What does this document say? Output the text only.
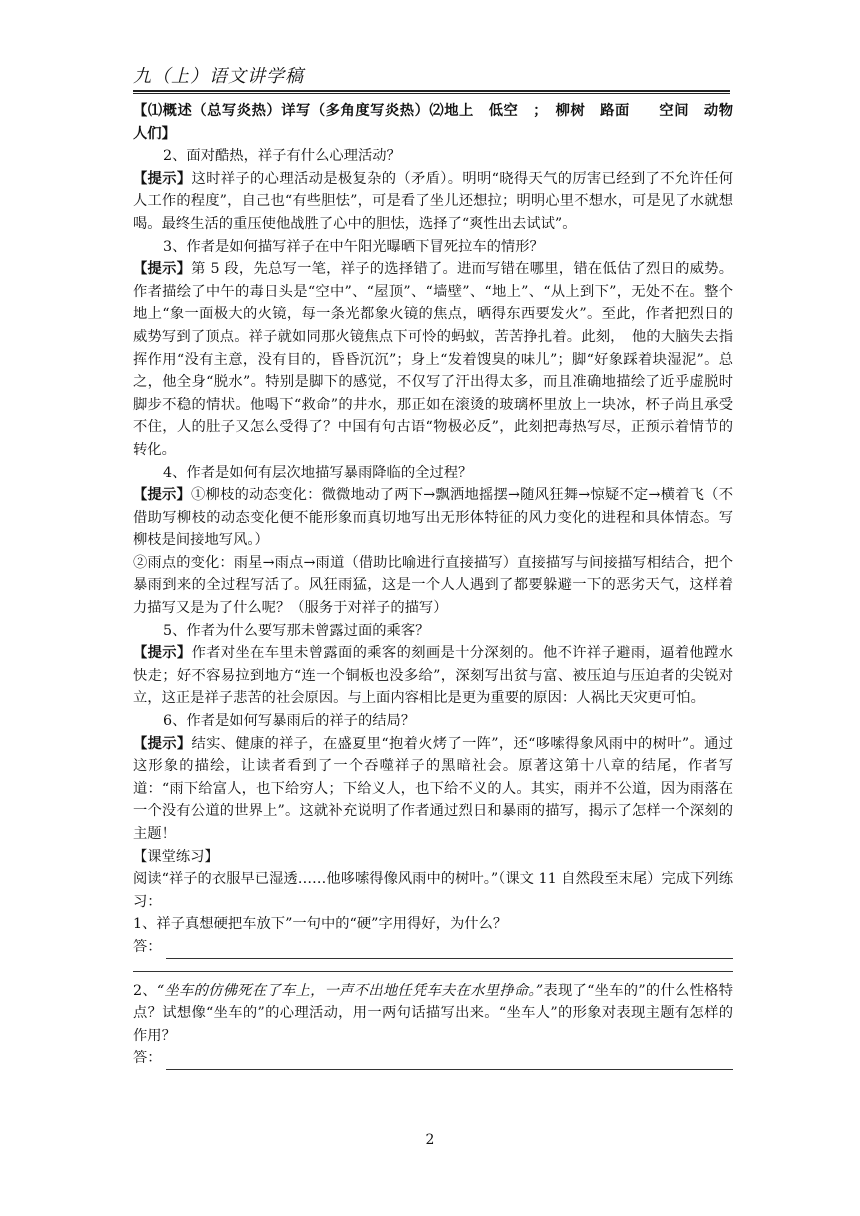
九（上）语文讲学稿

【⑴概述（总写炎热）详写（多角度写炎热）⑵地上　低空　；　柳树　路面　　空间　动物　人们】

2、面对酷热，祥子有什么心理活动？

【提示】这时祥子的心理活动是极复杂的（矛盾）。明明“晓得天气的厉害已经到了不允许任何人工作的程度”，自己也“有些胆怯”，可是看了坐儿还想拉；明明心里不想水，可是见了水就想喝。最终生活的重压使他战胜了心中的胆怯，选择了“爽性出去试试”。

3、作者是如何描写祥子在中午阳光曝晒下冒死拉车的情形？

【提示】第 5 段，先总写一笔，祥子的选择错了。进而写错在哪里，错在低估了烈日的威势。作者描绘了中午的毒日头是“空中”、“屋顶”、“墙壁”、“地上”、“从上到下”，无处不在。整个地上“象一面极大的火镜，每一条光都象火镜的焦点，晒得东西要发火”。至此，作者把烈日的威势写到了顶点。祥子就如同那火镜焦点下可怜的蚂蚁，苦苦挣扎着。此刻，　他的大脑失去指挥作用“没有主意，没有目的，昏昏沉沉”；身上“发着馊臭的味儿”；脚“好象踩着块湿泥”。总之，他全身“脱水”。特别是脚下的感觉，不仅写了汗出得太多，而且准确地描绘了近乎虚脱时脚步不稳的情状。他喝下“救命”的井水，那正如在滚烫的玻璃杯里放上一块冰，杯子尚且承受不住，人的肚子又怎么受得了？中国有句古语“物极必反”，此刻把毒热写尽，正预示着情节的转化。

4、作者是如何有层次地描写暴雨降临的全过程？

【提示】①柳枝的动态变化：微微地动了两下→飘洒地摇摆→随风狂舞→惊疑不定→横着飞（不借助写柳枝的动态变化便不能形象而真切地写出无形体特征的风力变化的进程和具体情态。写柳枝是间接地写风。）

②雨点的变化：雨星→雨点→雨道（借助比喻进行直接描写）直接描写与间接描写相结合，把个暴雨到来的全过程写活了。风狂雨猛，这是一个人人遇到了都要躲避一下的恶劣天气，这样着力描写又是为了什么呢？（服务于对祥子的描写）

5、作者为什么要写那未曾露过面的乘客？

【提示】作者对坐在车里未曾露面的乘客的刻画是十分深刻的。他不许祥子避雨，逼着他蹚水快走；好不容易拉到地方“连一个铜板也没多给”，深刻写出贫与富、被压迫与压迫者的尖锐对立，这正是祥子悲苦的社会原因。与上面内容相比是更为重要的原因：人祸比天灾更可怕。

6、作者是如何写暴雨后的祥子的结局？

【提示】结实、健康的祥子，在盛夏里“抱着火烤了一阵”，还“哆嗦得象风雨中的树叶”。通过这形象的描绘，让读者看到了一个吞噬祥子的黑暗社会。原著这第十八章的结尾，作者写道：“雨下给富人，也下给穷人；下给义人，也下给不义的人。其实，雨并不公道，因为雨落在一个没有公道的世界上”。这就补充说明了作者通过烈日和暴雨的描写，揭示了怎样一个深刻的主题！

【课堂练习】

阅读“祥子的衣服早已湿透……他哆嗦得像风雨中的树叶。”（课文 11 自然段至末尾）完成下列练习：

1、祥子真想硬把车放下”一句中的“硬”字用得好，为什么？

答：

2、“坐车的仿佛死在了车上，一声不出地任凭车夫在水里挣命。”表现了“坐车的”的什么性格特点？试想像“坐车的”的心理活动，用一两句话描写出来。“坐车人”的形象对表现主题有怎样的作用？

答：
2
